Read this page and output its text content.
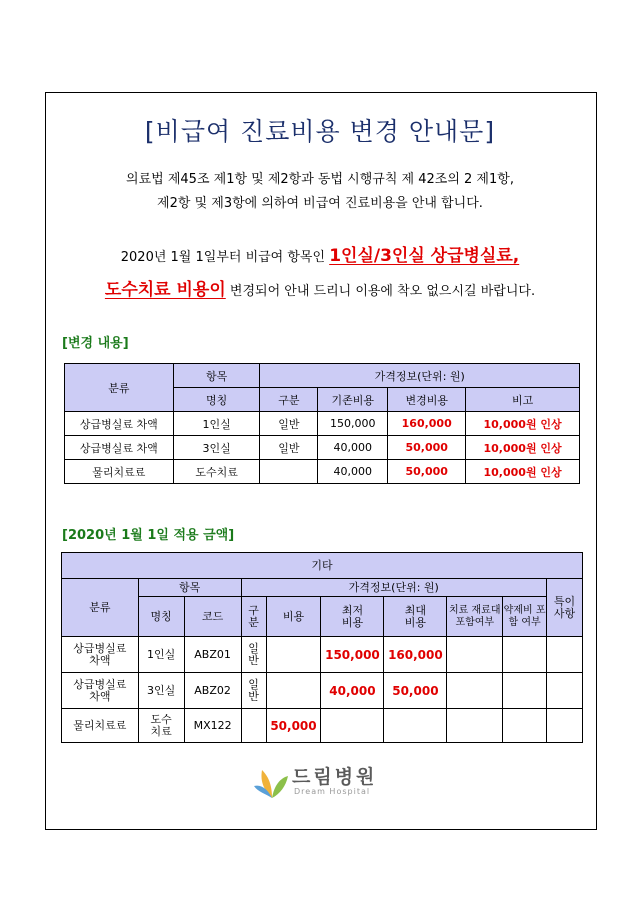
[비급여 진료비용 변경 안내문]
의료법 제45조 제1항 및 제2항과 동법 시행규칙 제 42조의 2 제1항,
제2항 및 제3항에 의하여 비급여 진료비용을 안내 합니다.
2020년 1월 1일부터 비급여 항목인 1인실/3인실 상급병실료,
도수치료 비용이 변경되어 안내 드리니 이용에 착오 없으시길 바랍니다.
[변경 내용]
분류	항목	가격정보(단위: 원)			
	명칭	구분	기존비용	변경비용	비고
상급병실료 차액	1인실	일반	150,000	160,000	10,000원 인상
상급병실료 차액	3인실	일반	40,000	50,000	10,000원 인상
물리치료료	도수치료		40,000	50,000	10,000원 인상
[2020년 1월 1일 적용 금액]
기타									
분류	항목		가격정보(단위: 원)						특이사항
	명칭	코드	구분	비용	최저 비용	최대 비용	치료 재료대 포함여부	약제비 포함 여부	
상급병실료 차액	1인실	ABZ01	일반		150,000	160,000			
상급병실료 차액	3인실	ABZ02	일반		40,000	50,000			
물리치료료	도수 치료	MX122		50,000					
드림병원
Dream Hospital
